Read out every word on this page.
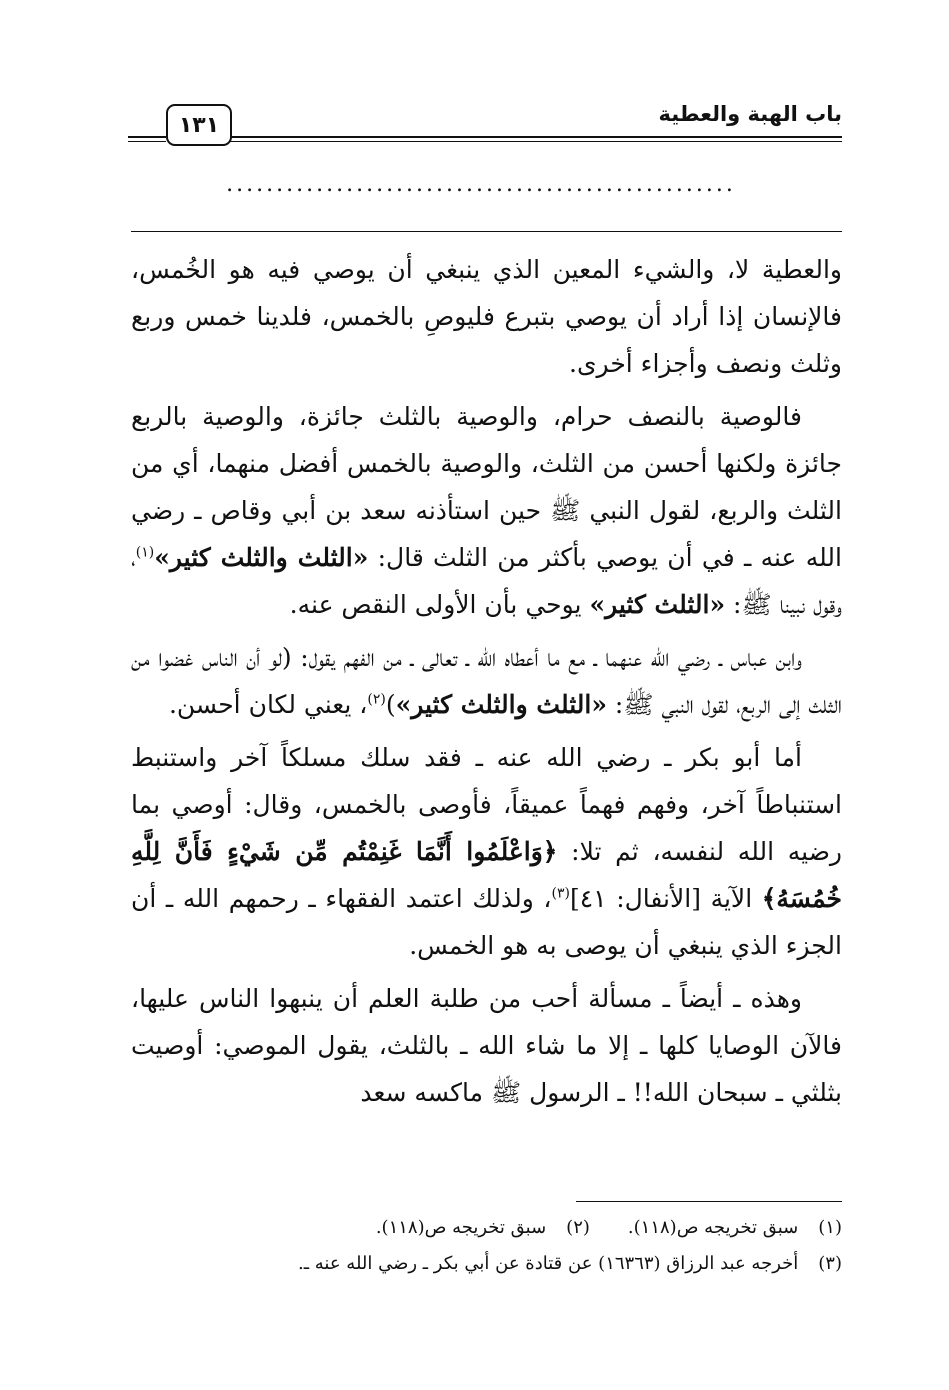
باب الهبة والعطية
١٣١
...................................................

والعطية لا، والشيء المعين الذي ينبغي أن يوصي فيه هو الخُمس، فالإنسان إذا أراد أن يوصي بتبرع فليوصِ بالخمس، فلدينا خمس وربع وثلث ونصف وأجزاء أخرى.

فالوصية بالنصف حرام، والوصية بالثلث جائزة، والوصية بالربع جائزة ولكنها أحسن من الثلث، والوصية بالخمس أفضل منهما، أي من الثلث والربع، لقول النبي ﷺ حين استأذنه سعد بن أبي وقاص ـ رضي الله عنه ـ في أن يوصي بأكثر من الثلث قال: «الثلث والثلث كثير»$^{(١)}$، وقول نبينا ﷺ: «الثلث كثير» يوحي بأن الأولى النقص عنه.

وابن عباس ـ رضي الله عنهما ـ مع ما أعطاه الله ـ تعالى ـ من الفهم يقول: (لو أن الناس غضوا من الثلث إلى الربع، لقول النبي ﷺ: «الثلث والثلث كثير»)$^{(٢)}$، يعني لكان أحسن.

أما أبو بكر ـ رضي الله عنه ـ فقد سلك مسلكاً آخر واستنبط استنباطاً آخر، وفهم فهماً عميقاً، فأوصى بالخمس، وقال: أوصي بما رضيه الله لنفسه، ثم تلا: ﴿وَاعْلَمُوا أَنَّمَا غَنِمْتُم مِّن شَيْءٍ فَأَنَّ لِلَّهِ خُمُسَهُ﴾ الآية [الأنفال: ٤١]$^{(٣)}$، ولذلك اعتمد الفقهاء ـ رحمهم الله ـ أن الجزء الذي ينبغي أن يوصى به هو الخمس.

وهذه ـ أيضاً ـ مسألة أحب من طلبة العلم أن ينبهوا الناس عليها، فالآن الوصايا كلها ـ إلا ما شاء الله ـ بالثلث، يقول الموصي: أوصيت بثلثي ـ سبحان الله!! ـ الرسول ﷺ ماكسه سعد

(١)
سبق تخريجه ص(١١٨).
(٢)
سبق تخريجه ص(١١٨).
(٣)
أخرجه عبد الرزاق (١٦٣٦٣) عن قتادة عن أبي بكر ـ رضي الله عنه ـ.
